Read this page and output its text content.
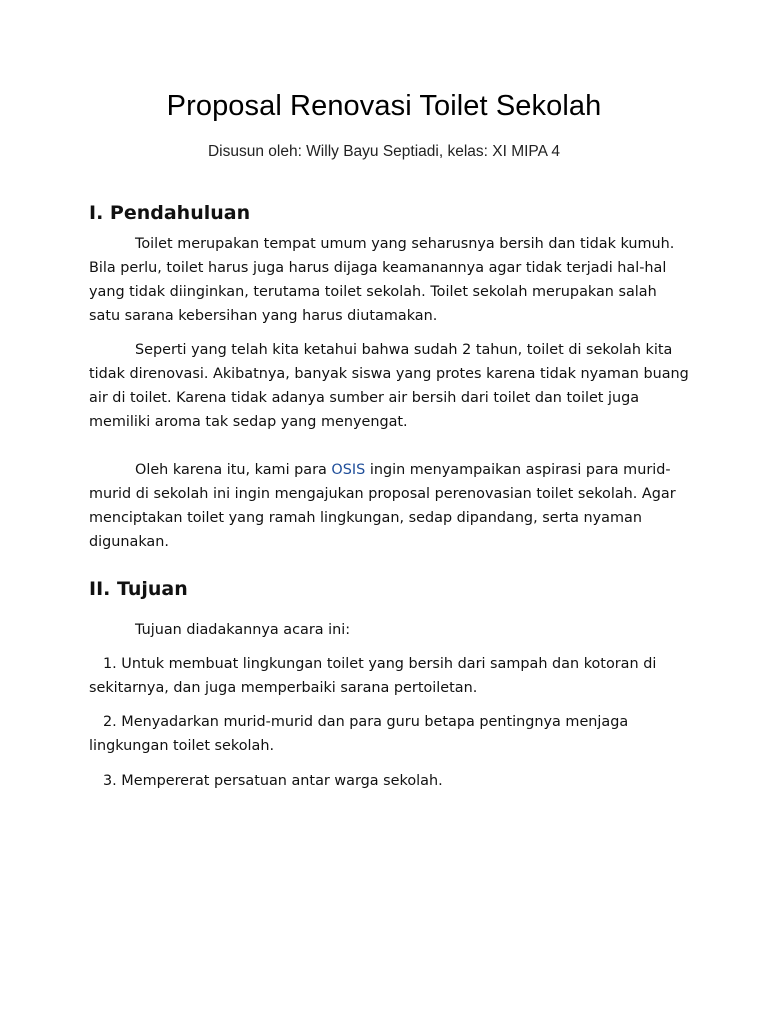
Proposal Renovasi Toilet Sekolah

Disusun oleh: Willy Bayu Septiadi, kelas: XI MIPA 4

I. Pendahuluan

Toilet merupakan tempat umum yang seharusnya bersih dan tidak kumuh. Bila perlu, toilet harus juga harus dijaga keamanannya agar tidak terjadi hal-hal yang tidak diinginkan, terutama toilet sekolah. Toilet sekolah merupakan salah satu sarana kebersihan yang harus diutamakan.

Seperti yang telah kita ketahui bahwa sudah 2 tahun, toilet di sekolah kita tidak direnovasi. Akibatnya, banyak siswa yang protes karena tidak nyaman buang air di toilet. Karena tidak adanya sumber air bersih dari toilet dan toilet juga memiliki aroma tak sedap yang menyengat.

Oleh karena itu, kami para OSIS ingin menyampaikan aspirasi para murid-murid di sekolah ini ingin mengajukan proposal perenovasian toilet sekolah. Agar menciptakan toilet yang ramah lingkungan, sedap dipandang, serta nyaman digunakan.

II. Tujuan

Tujuan diadakannya acara ini:

1. Untuk membuat lingkungan toilet yang bersih dari sampah dan kotoran di sekitarnya, dan juga memperbaiki sarana pertoiletan.

2. Menyadarkan murid-murid dan para guru betapa pentingnya menjaga lingkungan toilet sekolah.

3. Mempererat persatuan antar warga sekolah.
